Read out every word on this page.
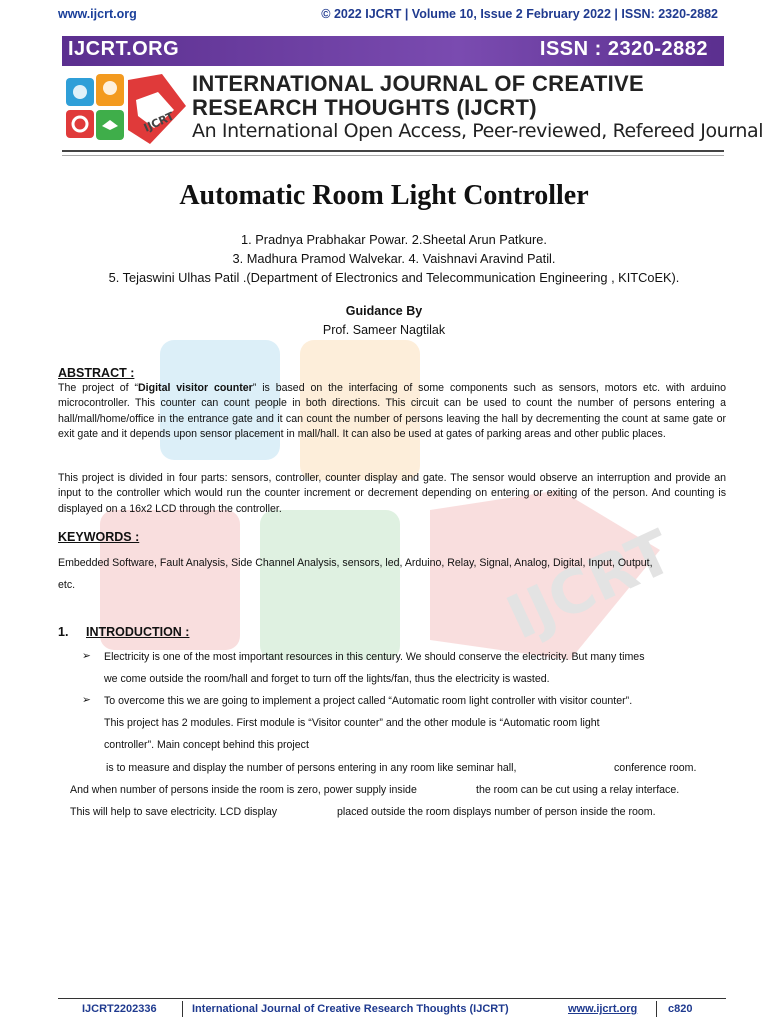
www.ijcrt.org	© 2022 IJCRT | Volume 10, Issue 2 February 2022 | ISSN: 2320-2882
IJCRT.ORG	ISSN : 2320-2882
IJCRT
INTERNATIONAL JOURNAL OF CREATIVE
RESEARCH THOUGHTS (IJCRT)
An International Open Access, Peer-reviewed, Refereed Journal
IJCRT
Automatic Room Light Controller
1. Pradnya Prabhakar Powar. 2.Sheetal Arun Patkure.
3. Madhura Pramod Walvekar. 4. Vaishnavi Aravind Patil.
5. Tejaswini Ulhas Patil .(Department of Electronics and Telecommunication Engineering , KITCoEK).
Guidance By
Prof. Sameer Nagtilak
ABSTRACT :
The project of “Digital visitor counter” is based on the interfacing of some components such as sensors, motors etc. with arduino microcontroller. This counter can count people in both directions. This circuit can be used to count the number of persons entering a hall/mall/home/office in the entrance gate and it can count the number of persons leaving the hall by decrementing the count at same gate or exit gate and it depends upon sensor placement in mall/hall. It can also be used at gates of parking areas and other public places.
This project is divided in four parts: sensors, controller, counter display and gate. The sensor would observe an interruption and provide an input to the controller which would run the counter increment or decrement depending on entering or exiting of the person. And counting is displayed on a 16x2 LCD through the controller.
KEYWORDS :
Embedded Software, Fault Analysis, Side Channel Analysis, sensors, led, Arduino, Relay, Signal, Analog, Digital, Input, Output,
etc.
1. INTRODUCTION :
➢ Electricity is one of the most important resources in this century. We should conserve the electricity. But many times
we come outside the room/hall and forget to turn off the lights/fan, thus the electricity is wasted.
➢ To overcome this we are going to implement a project called “Automatic room light controller with visitor counter”.
This project has 2 modules. First module is “Visitor counter” and the other module is “Automatic room light
controller”. Main concept behind this project
is to measure and display the number of persons entering in any room like seminar hall,	conference room.
And when number of persons inside the room is zero, power supply inside	the room can be cut using a relay interface.
This will help to save electricity. LCD display	placed outside the room displays number of person inside the room.
IJCRT2202336	International Journal of Creative Research Thoughts (IJCRT)	www.ijcrt.org	c820
